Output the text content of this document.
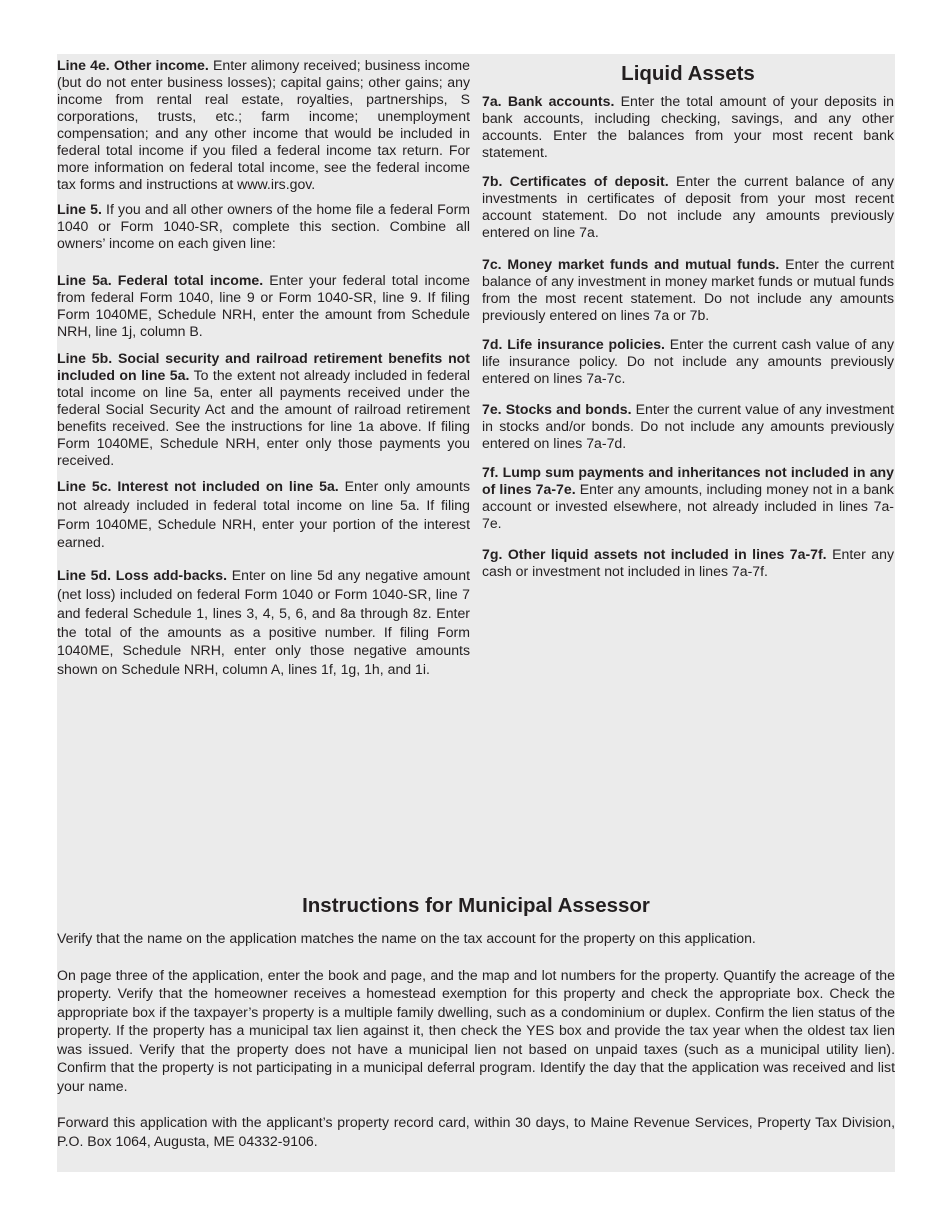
Line 4e. Other income. Enter alimony received; business income (but do not enter business losses); capital gains; other gains; any income from rental real estate, royalties, partnerships, S corporations, trusts, etc.; farm income; unemployment compensation; and any other income that would be included in federal total income if you filed a federal income tax return. For more information on federal total income, see the federal income tax forms and instructions at www.irs.gov.

Line 5. If you and all other owners of the home file a federal Form 1040 or Form 1040-SR, complete this section. Combine all owners’ income on each given line:

Line 5a. Federal total income. Enter your federal total income from federal Form 1040, line 9 or Form 1040-SR, line 9. If filing Form 1040ME, Schedule NRH, enter the amount from Schedule NRH, line 1j, column B.

Line 5b. Social security and railroad retirement benefits not included on line 5a. To the extent not already included in federal total income on line 5a, enter all payments received under the federal Social Security Act and the amount of railroad retirement benefits received. See the instructions for line 1a above. If filing Form 1040ME, Schedule NRH, enter only those payments you received.

Line 5c. Interest not included on line 5a. Enter only amounts not already included in federal total income on line 5a. If filing Form 1040ME, Schedule NRH, enter your portion of the interest earned.

Line 5d. Loss add-backs. Enter on line 5d any negative amount (net loss) included on federal Form 1040 or Form 1040-SR, line 7 and federal Schedule 1, lines 3, 4, 5, 6, and 8a through 8z. Enter the total of the amounts as a positive number. If filing Form 1040ME, Schedule NRH, enter only those negative amounts shown on Schedule NRH, column A, lines 1f, 1g, 1h, and 1i.

Liquid Assets

7a. Bank accounts. Enter the total amount of your deposits in bank accounts, including checking, savings, and any other accounts. Enter the balances from your most recent bank statement.

7b. Certificates of deposit. Enter the current balance of any investments in certificates of deposit from your most recent account statement. Do not include any amounts previously entered on line 7a.

7c. Money market funds and mutual funds. Enter the current balance of any investment in money market funds or mutual funds from the most recent statement. Do not include any amounts previously entered on lines 7a or 7b.

7d. Life insurance policies. Enter the current cash value of any life insurance policy. Do not include any amounts previously entered on lines 7a-7c.

7e. Stocks and bonds. Enter the current value of any investment in stocks and/or bonds. Do not include any amounts previously entered on lines 7a-7d.

7f. Lump sum payments and inheritances not included in any of lines 7a-7e. Enter any amounts, including money not in a bank account or invested elsewhere, not already included in lines 7a-7e.

7g. Other liquid assets not included in lines 7a-7f. Enter any cash or investment not included in lines 7a-7f.

Instructions for Municipal Assessor

Verify that the name on the application matches the name on the tax account for the property on this application.

On page three of the application, enter the book and page, and the map and lot numbers for the property. Quantify the acreage of the property. Verify that the homeowner receives a homestead exemption for this property and check the appropriate box. Check the appropriate box if the taxpayer’s property is a multiple family dwelling, such as a condominium or duplex. Confirm the lien status of the property. If the property has a municipal tax lien against it, then check the YES box and provide the tax year when the oldest tax lien was issued. Verify that the property does not have a municipal lien not based on unpaid taxes (such as a municipal utility lien). Confirm that the property is not participating in a municipal deferral program. Identify the day that the application was received and list your name.

Forward this application with the applicant’s property record card, within 30 days, to Maine Revenue Services, Property Tax Division, P.O. Box 1064, Augusta, ME 04332-9106.
